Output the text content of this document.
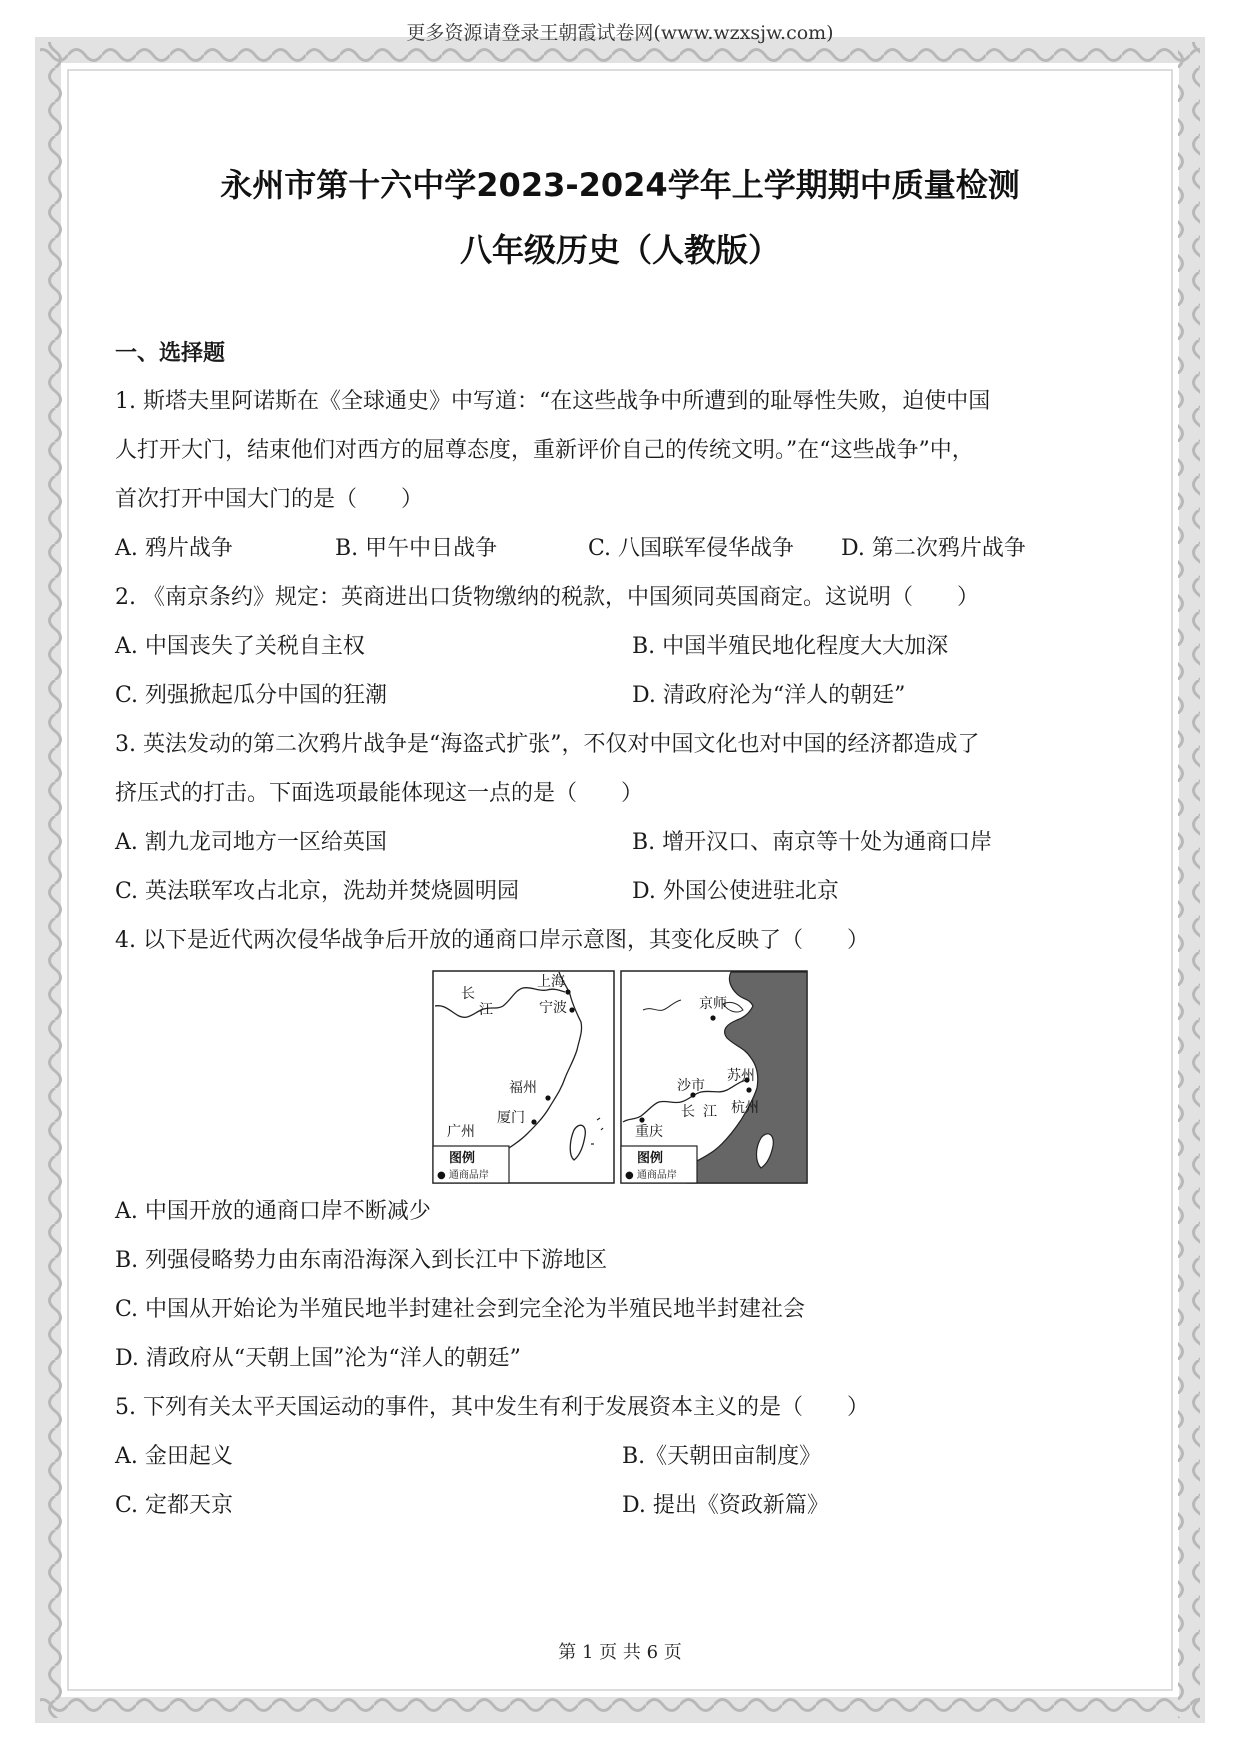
更多资源请登录王朝霞试卷网(www.wzxsjw.com)
永州市第十六中学2023-2024学年上学期期中质量检测
八年级历史（人教版）
一、选择题
1. 斯塔夫里阿诺斯在《全球通史》中写道：“在这些战争中所遭到的耻辱性失败，迫使中国
人打开大门，结束他们对西方的屈尊态度，重新评价自己的传统文明。”在“这些战争”中，
首次打开中国大门的是（　　）
A. 鸦片战争	B. 甲午中日战争	C. 八国联军侵华战争	D. 第二次鸦片战争
2. 《南京条约》规定：英商进出口货物缴纳的税款，中国须同英国商定。这说明（　　）
A. 中国丧失了关税自主权	B. 中国半殖民地化程度大大加深
C. 列强掀起瓜分中国的狂潮	D. 清政府沦为“洋人的朝廷”
3. 英法发动的第二次鸦片战争是“海盗式扩张”，不仅对中国文化也对中国的经济都造成了
挤压式的打击。下面选项最能体现这一点的是（　　）
A. 割九龙司地方一区给英国	B. 增开汉口、南京等十处为通商口岸
C. 英法联军攻占北京，洗劫并焚烧圆明园	D. 外国公使进驻北京
4. 以下是近代两次侵华战争后开放的通商口岸示意图，其变化反映了（　　）
长
江
上海
宁波
福州
厦门
广州
图例
● 通商品岸
京师
苏州
沙市
长 江 杭州
重庆
图例
● 通商品岸
A. 中国开放的通商口岸不断减少
B. 列强侵略势力由东南沿海深入到长江中下游地区
C. 中国从开始论为半殖民地半封建社会到完全沦为半殖民地半封建社会
D. 清政府从“天朝上国”沦为“洋人的朝廷”
5. 下列有关太平天国运动的事件，其中发生有利于发展资本主义的是（　　）
A. 金田起义	B.《天朝田亩制度》
C. 定都天京	D. 提出《资政新篇》
第 1 页 共 6 页
